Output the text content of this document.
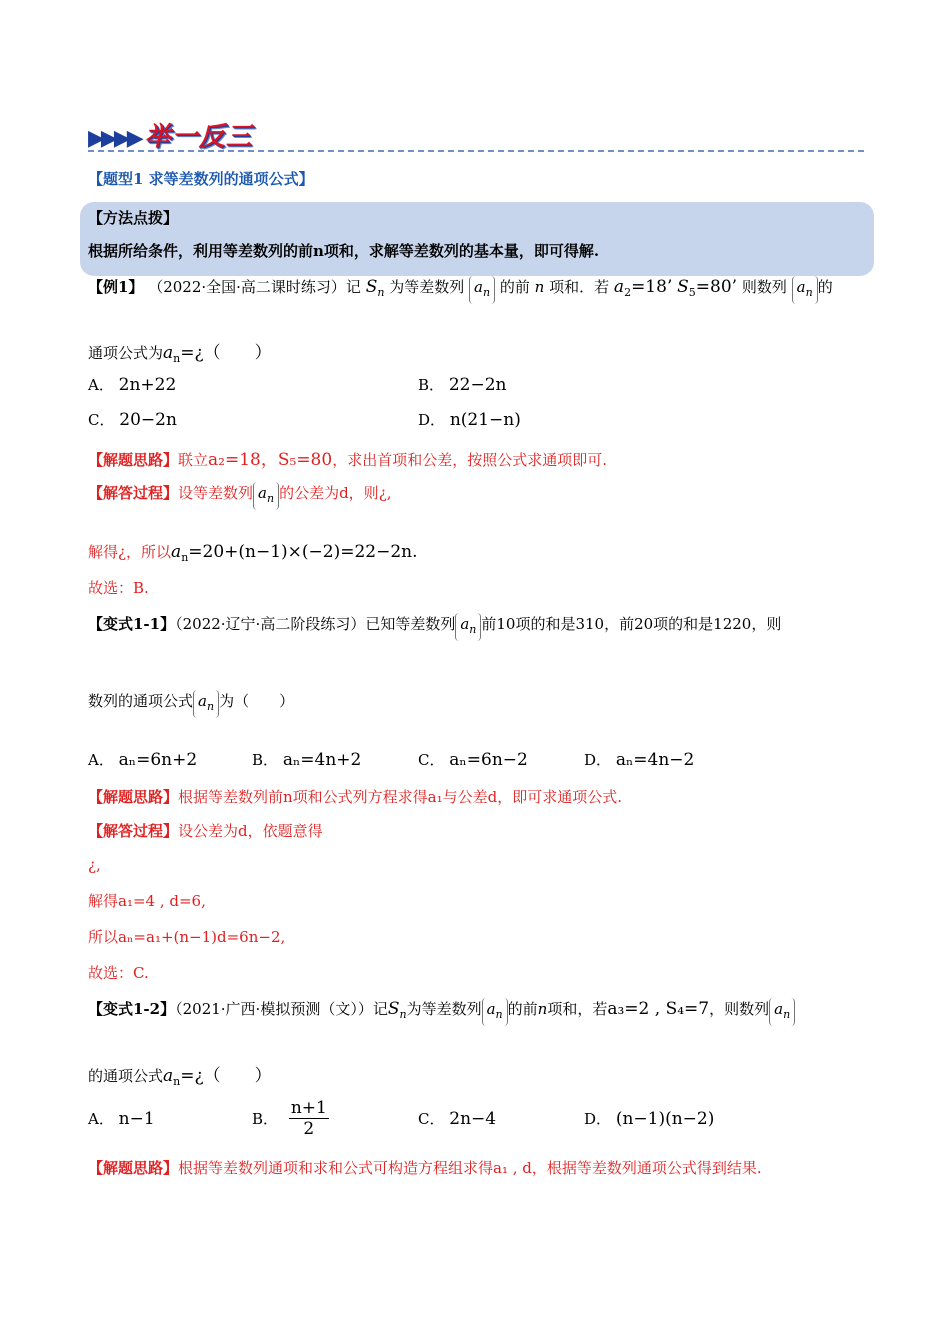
▶▶▶▶ 举一反三
【题型1 求等差数列的通项公式】
【方法点拨】
根据所给条件，利用等差数列的前n项和，求解等差数列的基本量，即可得解.
【例1】 （2022·全国·高二课时练习）记 $S_n$ 为等差数列 $a_n$ 的前 n 项和．若 $a_2=18$’ $S_5=80$’ 则数列 $a_n$ 的
通项公式为$a_n=¿$（　　）
A． 2n+22	B． 22−2n
C． 20−2n	D． n(21−n)
【解题思路】联立a₂=18，S₅=80，求出首项和公差，按照公式求通项即可.
【解答过程】设等差数列 $a_n$ 的公差为d，则¿,
解得¿，所以$a_n=20+(n-1)\times(-2)=22-2n$.
故选：B.
【变式1-1】（2022·辽宁·高二阶段练习）已知等差数列 $a_n$ 前10项的和是310，前20项的和是1220，则
数列的通项公式 $a_n$ 为（　　）
A． aₙ=6n+2	B． aₙ=4n+2	C． aₙ=6n−2	D． aₙ=4n−2
【解题思路】根据等差数列前n项和公式列方程求得a₁与公差d，即可求通项公式.
【解答过程】设公差为d，依题意得
¿,
解得a₁=4 , d=6,
所以aₙ=a₁+(n−1)d=6n−2,
故选：C.
【变式1-2】（2021·广西·模拟预测（文））记$S_n$为等差数列 $a_n$ 的前n项和，若a₃=2 , S₄=7，则数列 $a_n$
的通项公式$a_n=¿$（　　）
A． n−1	B． $\frac{n+1}{2}$	C． 2n−4	D． (n−1)(n−2)
【解题思路】根据等差数列通项和求和公式可构造方程组求得a₁ , d，根据等差数列通项公式得到结果.
